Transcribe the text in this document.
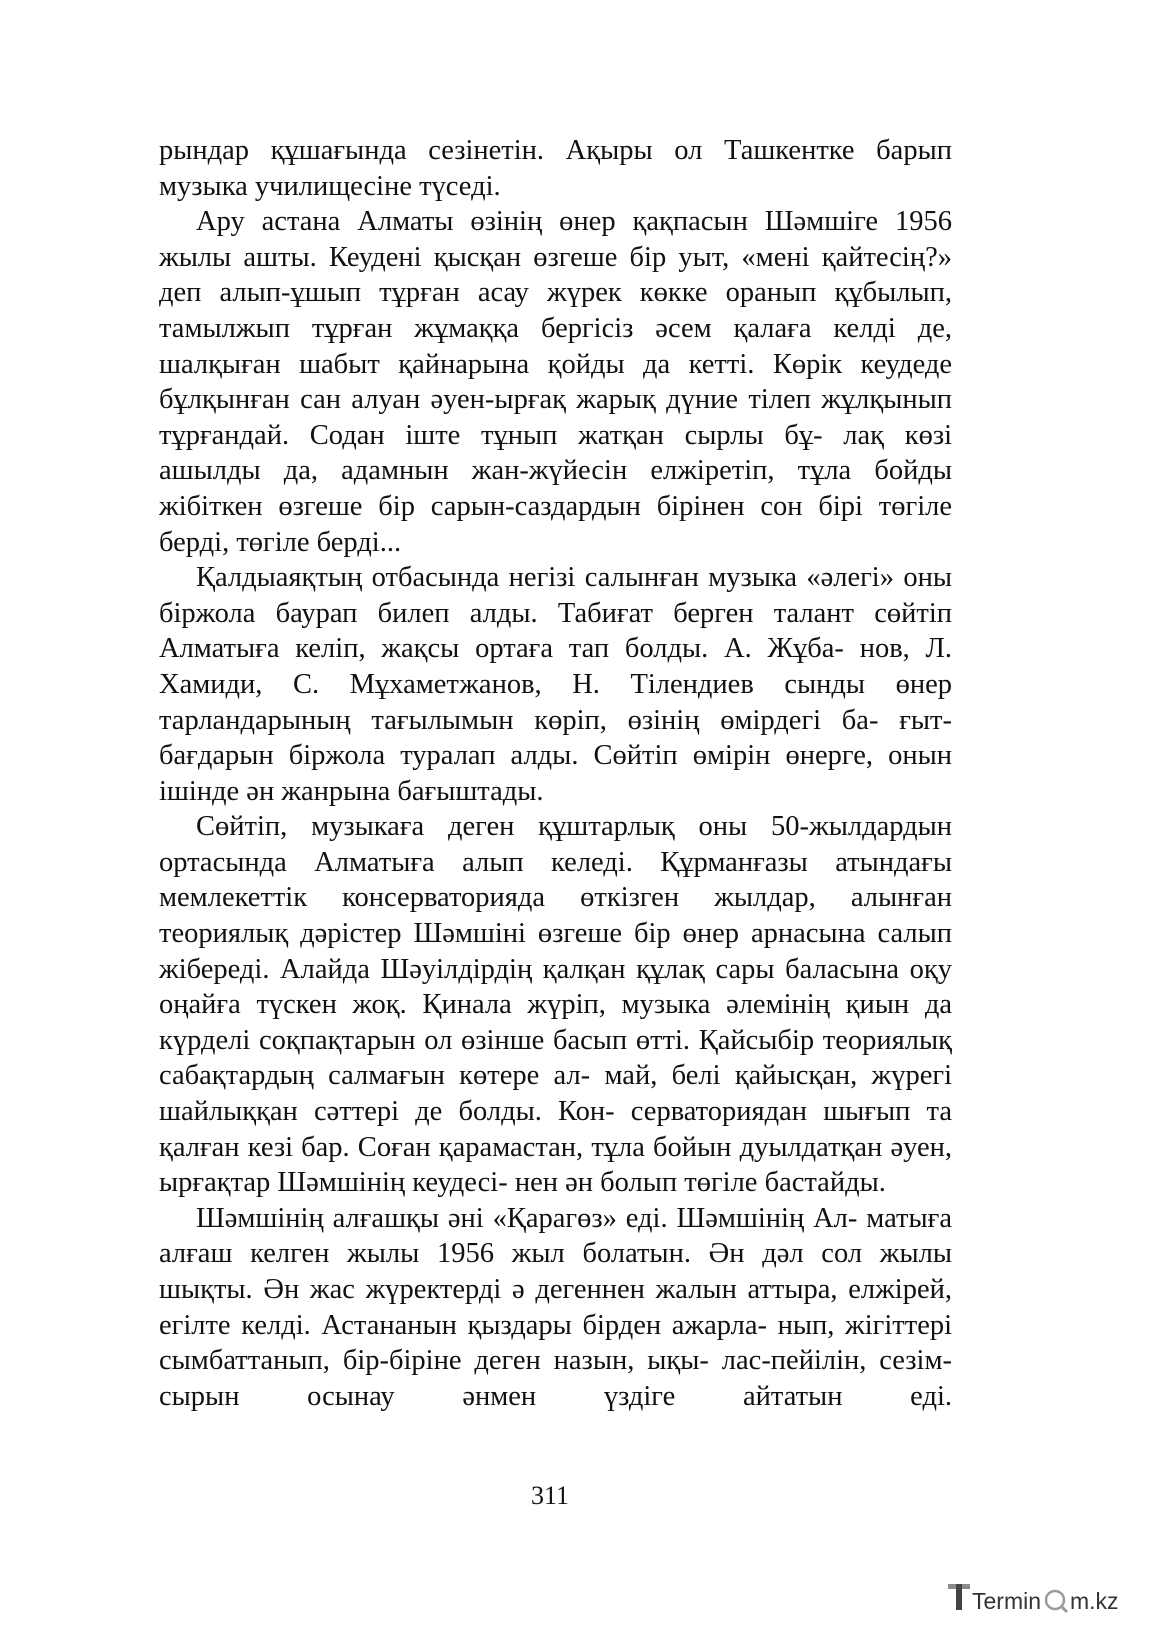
рындар құшағында сезінетін. Ақыры ол Ташкентке барып музыка училищесіне түседі.

Ару астана Алматы өзінің өнер қақпасын Шәмшіге 1956 жылы ашты. Кеудені қысқан өзгеше бір уыт, «мені қайтесің?» деп алып-ұшып тұрған асау жүрек көкке оранып құбылып, тамылжып тұрған жұмаққа бергісіз әсем қалаға келді де, шалқыған шабыт қайнарына қойды да кетті. Көрік кеудеде бұлқынған сан алуан әуен-ырғақ жарық дүние тілеп жұлқынып тұрғандай. Содан іште тұнып жатқан сырлы бұ- лақ көзі ашылды да, адамнын жан-жүйесін елжіретіп, тұла бойды жібіткен өзгеше бір сарын-саздардын бірінен сон бірі төгіле берді, төгіле берді...

Қалдыаяқтың отбасында негізі салынған музыка «әлегі» оны біржола баурап билеп алды. Табиғат берген талант сөйтіп Алматыға келіп, жақсы ортаға тап болды. А. Жұба- нов, Л. Хамиди, С. Мұхаметжанов, Н. Тілендиев сынды өнер тарландарының тағылымын көріп, өзінің өмірдегі ба- ғыт-бағдарын біржола туралап алды. Сөйтіп өмірін өнерге, онын ішінде ән жанрына бағыштады.

Сөйтіп, музыкаға деген құштарлық оны 50-жылдардын ортасында Алматыға алып келеді. Құрманғазы атындағы мемлекеттік консерваторияда өткізген жылдар, алынған теориялық дәрістер Шәмшіні өзгеше бір өнер арнасына салып жібереді. Алайда Шәуілдірдің қалқан құлақ сары баласына оқу оңайға түскен жоқ. Қинала жүріп, музыка әлемінің қиын да күрделі соқпақтарын ол өзінше басып өтті. Қайсыбір теориялық сабақтардың салмағын көтере ал- май, белі қайысқан, жүрегі шайлыққан сәттері де болды. Кон- серваториядан шығып та қалған кезі бар. Соған қарамастан, тұла бойын дуылдатқан әуен, ырғақтар Шәмшінің кеудесі- нен ән болып төгіле бастайды.

Шәмшінің алғашқы әні «Қарагөз» еді. Шәмшінің Ал- матыға алғаш келген жылы 1956 жыл болатын. Ән дәл сол жылы шықты. Ән жас жүректерді ә дегеннен жалын аттыра, елжірей, егілте келді. Астананын қыздары бірден ажарла- нып, жігіттері сымбаттанып, бір-біріне деген назын, ықы- лас-пейілін, сезім-сырын осынау әнмен үздіге айтатын еді.

311
Termin m.kz
